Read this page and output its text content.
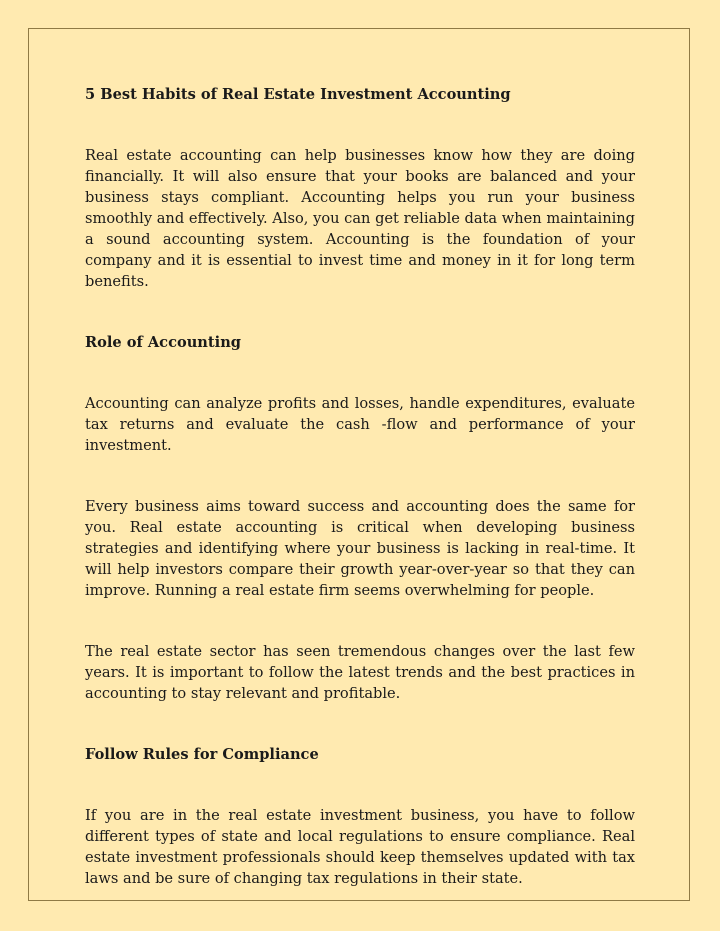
5 Best Habits of Real Estate Investment Accounting
Real estate accounting can help businesses know how they are doing financially. It will also ensure that your books are balanced and your business stays compliant. Accounting helps you run your business smoothly and effectively. Also, you can get reliable data when maintaining a sound accounting system. Accounting is the foundation of your company and it is essential to invest time and money in it for long term benefits.
Role of Accounting
Accounting can analyze profits and losses, handle expenditures, evaluate tax returns and evaluate the cash -flow and performance of your investment.
Every business aims toward success and accounting does the same for you. Real estate accounting is critical when developing business strategies and identifying where your business is lacking in real-time. It will help investors compare their growth year-over-year so that they can improve. Running a real estate firm seems overwhelming for people.
The real estate sector has seen tremendous changes over the last few years. It is important to follow the latest trends and the best practices in accounting to stay relevant and profitable.
Follow Rules for Compliance
If you are in the real estate investment business, you have to follow different types of state and local regulations to ensure compliance. Real estate investment professionals should keep themselves updated with tax laws and be sure of changing tax regulations in their state.
